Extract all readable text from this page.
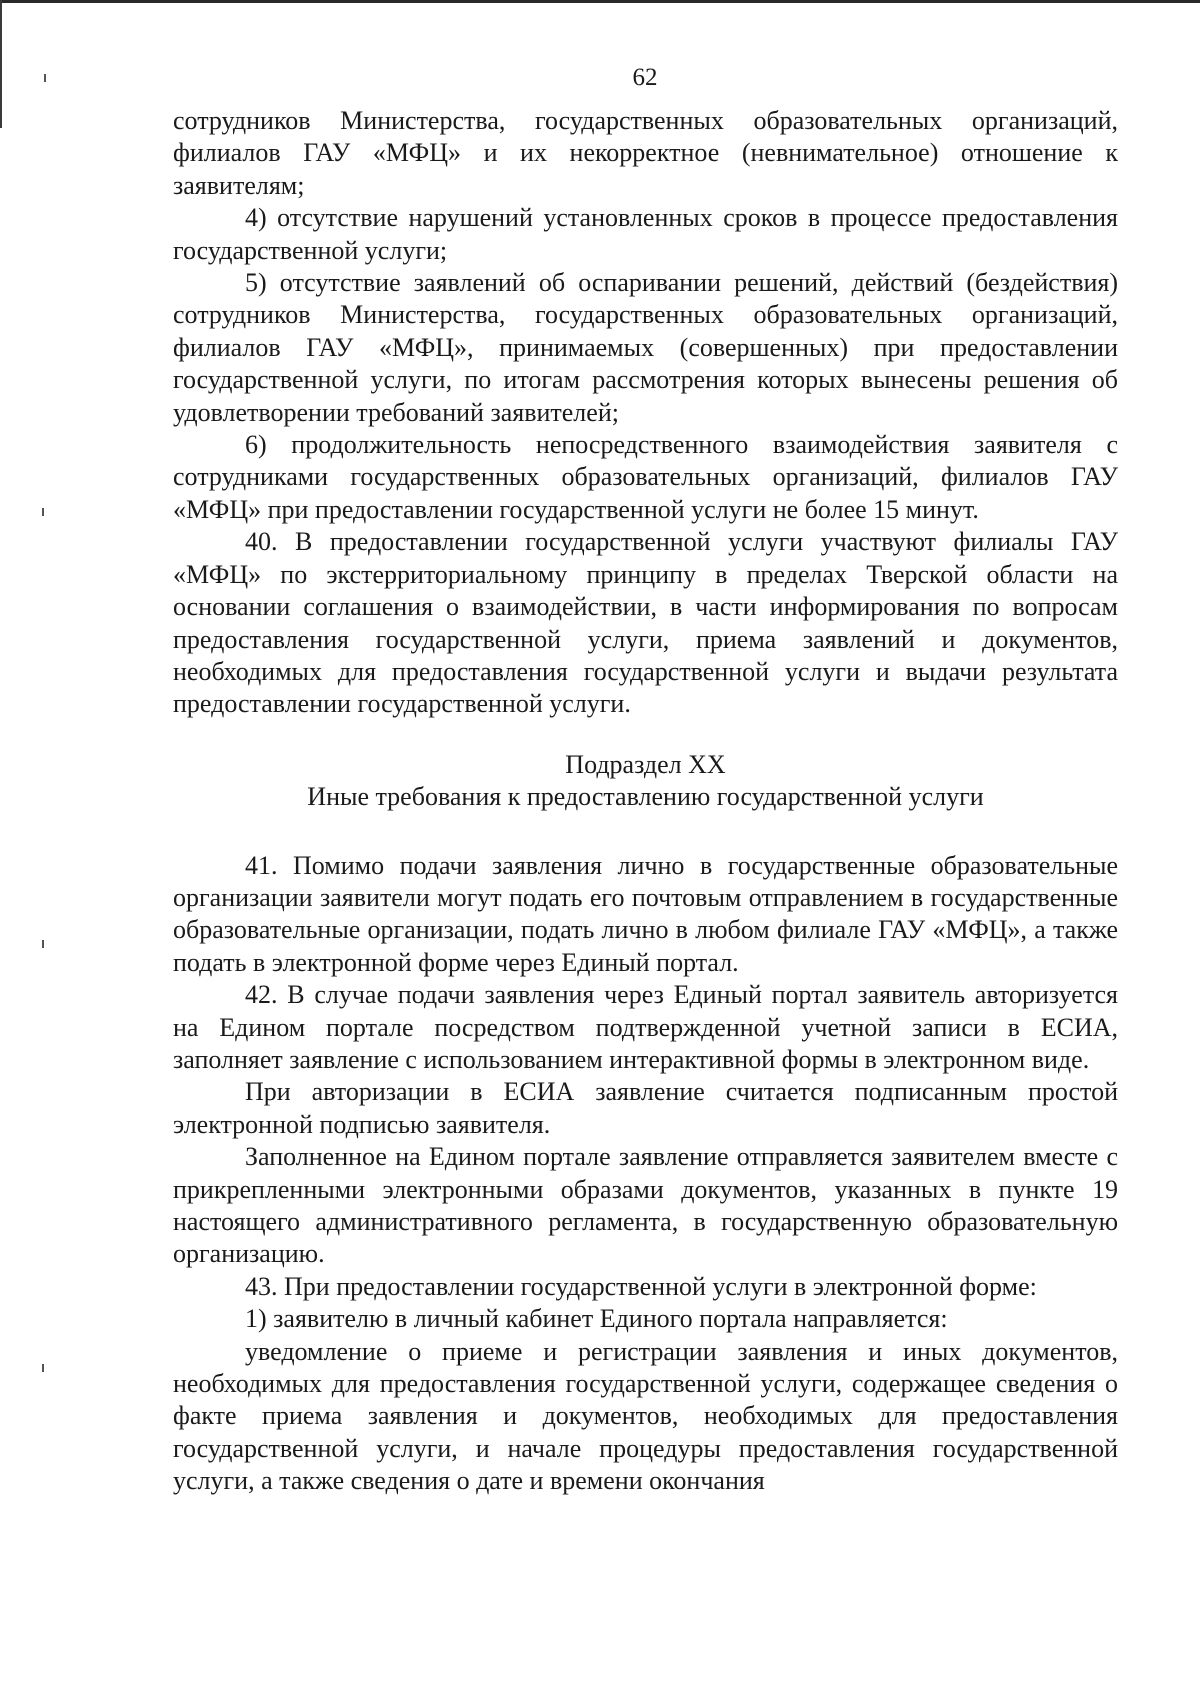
62

сотрудников Министерства, государственных образовательных организаций, филиалов ГАУ «МФЦ» и их некорректное (невнимательное) отношение к заявителям;

4) отсутствие нарушений установленных сроков в процессе предоставления государственной услуги;

5) отсутствие заявлений об оспаривании решений, действий (бездействия) сотрудников Министерства, государственных образовательных организаций, филиалов ГАУ «МФЦ», принимаемых (совершенных) при предоставлении государственной услуги, по итогам рассмотрения которых вынесены решения об удовлетворении требований заявителей;

6) продолжительность непосредственного взаимодействия заявителя с сотрудниками государственных образовательных организаций, филиалов ГАУ «МФЦ» при предоставлении государственной услуги не более 15 минут.

40. В предоставлении государственной услуги участвуют филиалы ГАУ «МФЦ» по экстерриториальному принципу в пределах Тверской области на основании соглашения о взаимодействии, в части информирования по вопросам предоставления государственной услуги, приема заявлений и документов, необходимых для предоставления государственной услуги и выдачи результата предоставлении государственной услуги.

Подраздел XX
Иные требования к предоставлению государственной услуги

41. Помимо подачи заявления лично в государственные образовательные организации заявители могут подать его почтовым отправлением в государственные образовательные организации, подать лично в любом филиале ГАУ «МФЦ», а также подать в электронной форме через Единый портал.

42. В случае подачи заявления через Единый портал заявитель авторизуется на Едином портале посредством подтвержденной учетной записи в ЕСИА, заполняет заявление с использованием интерактивной формы в электронном виде.

При авторизации в ЕСИА заявление считается подписанным простой электронной подписью заявителя.

Заполненное на Едином портале заявление отправляется заявителем вместе с прикрепленными электронными образами документов, указанных в пункте 19 настоящего административного регламента, в государственную образовательную организацию.

43. При предоставлении государственной услуги в электронной форме:

1) заявителю в личный кабинет Единого портала направляется:

уведомление о приеме и регистрации заявления и иных документов, необходимых для предоставления государственной услуги, содержащее сведения о факте приема заявления и документов, необходимых для предоставления государственной услуги, и начале процедуры предоставления государственной услуги, а также сведения о дате и времени окончания
